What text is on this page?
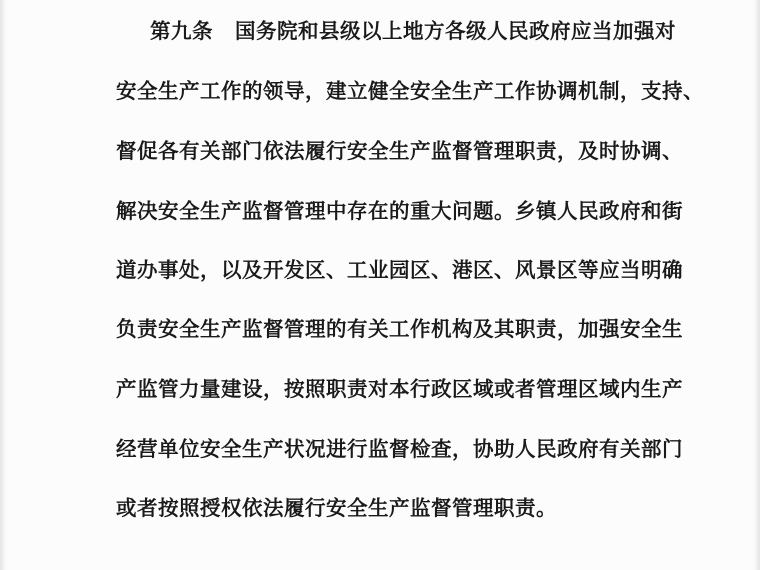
第九条 国务院和县级以上地方各级人民政府应当加强对
安全生产工作的领导，建立健全安全生产工作协调机制，支持、
督促各有关部门依法履行安全生产监督管理职责，及时协调、
解决安全生产监督管理中存在的重大问题。乡镇人民政府和街
道办事处，以及开发区、工业园区、港区、风景区等应当明确
负责安全生产监督管理的有关工作机构及其职责，加强安全生
产监管力量建设，按照职责对本行政区域或者管理区域内生产
经营单位安全生产状况进行监督检查，协助人民政府有关部门
或者按照授权依法履行安全生产监督管理职责。
